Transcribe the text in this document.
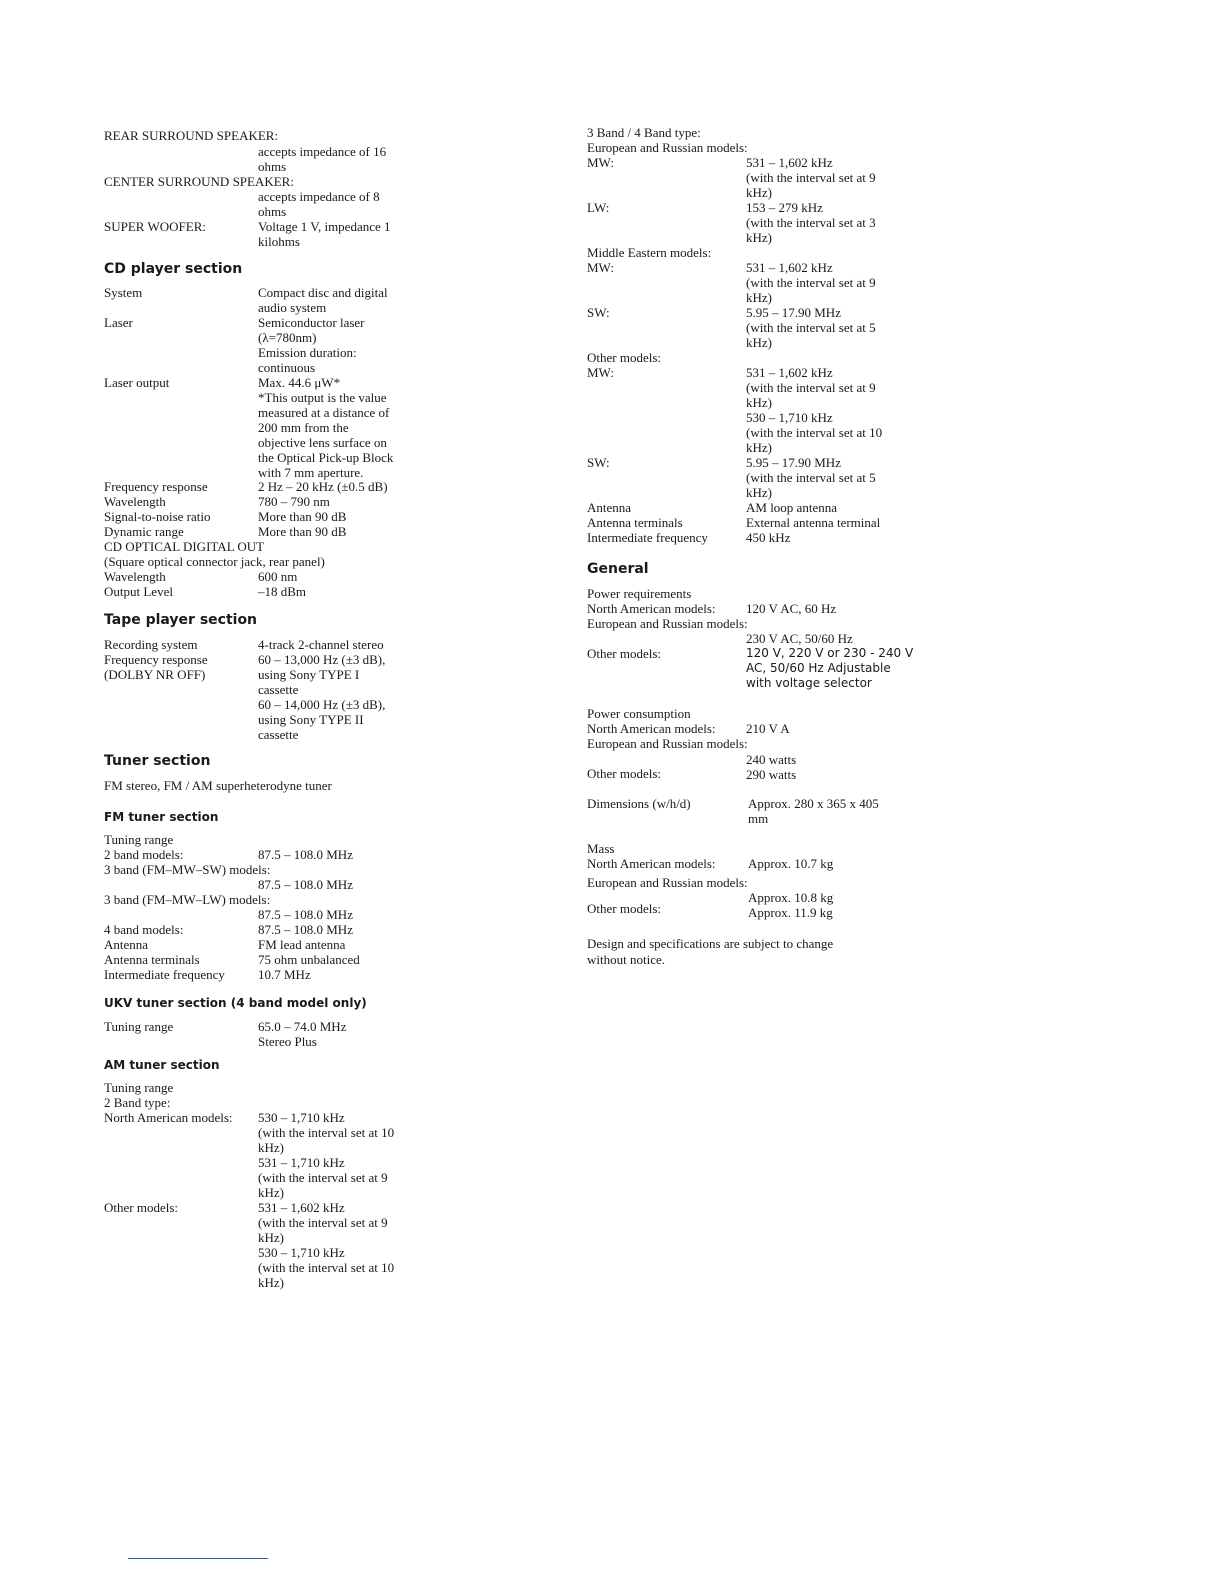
REAR SURROUND SPEAKER:
accepts impedance of 16
ohms
CENTER SURROUND SPEAKER:
accepts impedance of 8
ohms
SUPER WOOFER:	Voltage 1 V, impedance 1
kilohms
CD player section
System	Compact disc and digital
audio system
Laser	Semiconductor laser
(λ=780nm)
Emission duration:
continuous
Laser output	Max. 44.6 μW*
*This output is the value
measured at a distance of
200 mm from the
objective lens surface on
the Optical Pick-up Block
with 7 mm aperture.
Frequency response	2 Hz – 20 kHz (±0.5 dB)
Wavelength	780 – 790 nm
Signal-to-noise ratio	More than 90 dB
Dynamic range	More than 90 dB
CD OPTICAL DIGITAL OUT
(Square optical connector jack, rear panel)
Wavelength	600 nm
Output Level	–18 dBm
Tape player section
Recording system	4-track 2-channel stereo
Frequency response	60 – 13,000 Hz (±3 dB),
(DOLBY NR OFF)	using Sony TYPE I
cassette
60 – 14,000 Hz (±3 dB),
using Sony TYPE II
cassette
Tuner section
FM stereo, FM / AM superheterodyne tuner
FM tuner section
Tuning range
2 band models:	87.5 – 108.0 MHz
3 band (FM–MW–SW) models:
87.5 – 108.0 MHz
3 band (FM–MW–LW) models:
87.5 – 108.0 MHz
4 band models:	87.5 – 108.0 MHz
Antenna	FM lead antenna
Antenna terminals	75 ohm unbalanced
Intermediate frequency	10.7 MHz
UKV tuner section (4 band model only)
Tuning range	65.0 – 74.0 MHz
Stereo Plus
AM tuner section
Tuning range
2 Band type:
North American models: 530 – 1,710 kHz
(with the interval set at 10
kHz)
531 – 1,710 kHz
(with the interval set at 9
kHz)
Other models:	531 – 1,602 kHz
(with the interval set at 9
kHz)
530 – 1,710 kHz
(with the interval set at 10
kHz)
3 Band / 4 Band type:
European and Russian models:
MW:	531 – 1,602 kHz
(with the interval set at 9
kHz)
LW:	153 – 279 kHz
(with the interval set at 3
kHz)
Middle Eastern models:
MW:	531 – 1,602 kHz
(with the interval set at 9
kHz)
SW:	5.95 – 17.90 MHz
(with the interval set at 5
kHz)
Other models:
MW:	531 – 1,602 kHz
(with the interval set at 9
kHz)
530 – 1,710 kHz
(with the interval set at 10
kHz)
SW:	5.95 – 17.90 MHz
(with the interval set at 5
kHz)
Antenna	AM loop antenna
Antenna terminals	External antenna terminal
Intermediate frequency	450 kHz
General
Power requirements
North American models: 120 V AC, 60 Hz
European and Russian models:
230 V AC, 50/60 Hz
Other models:	120 V, 220 V or 230 - 240 V
AC, 50/60 Hz Adjustable
with voltage selector
Power consumption
North American models: 210 V A
European and Russian models:
240 watts
Other models:	290 watts
Dimensions (w/h/d)	Approx. 280 x 365 x 405
mm
Mass
North American models: Approx. 10.7 kg
European and Russian models:
Approx. 10.8 kg
Other models:	Approx. 11.9 kg
Design and specifications are subject to change
without notice.
